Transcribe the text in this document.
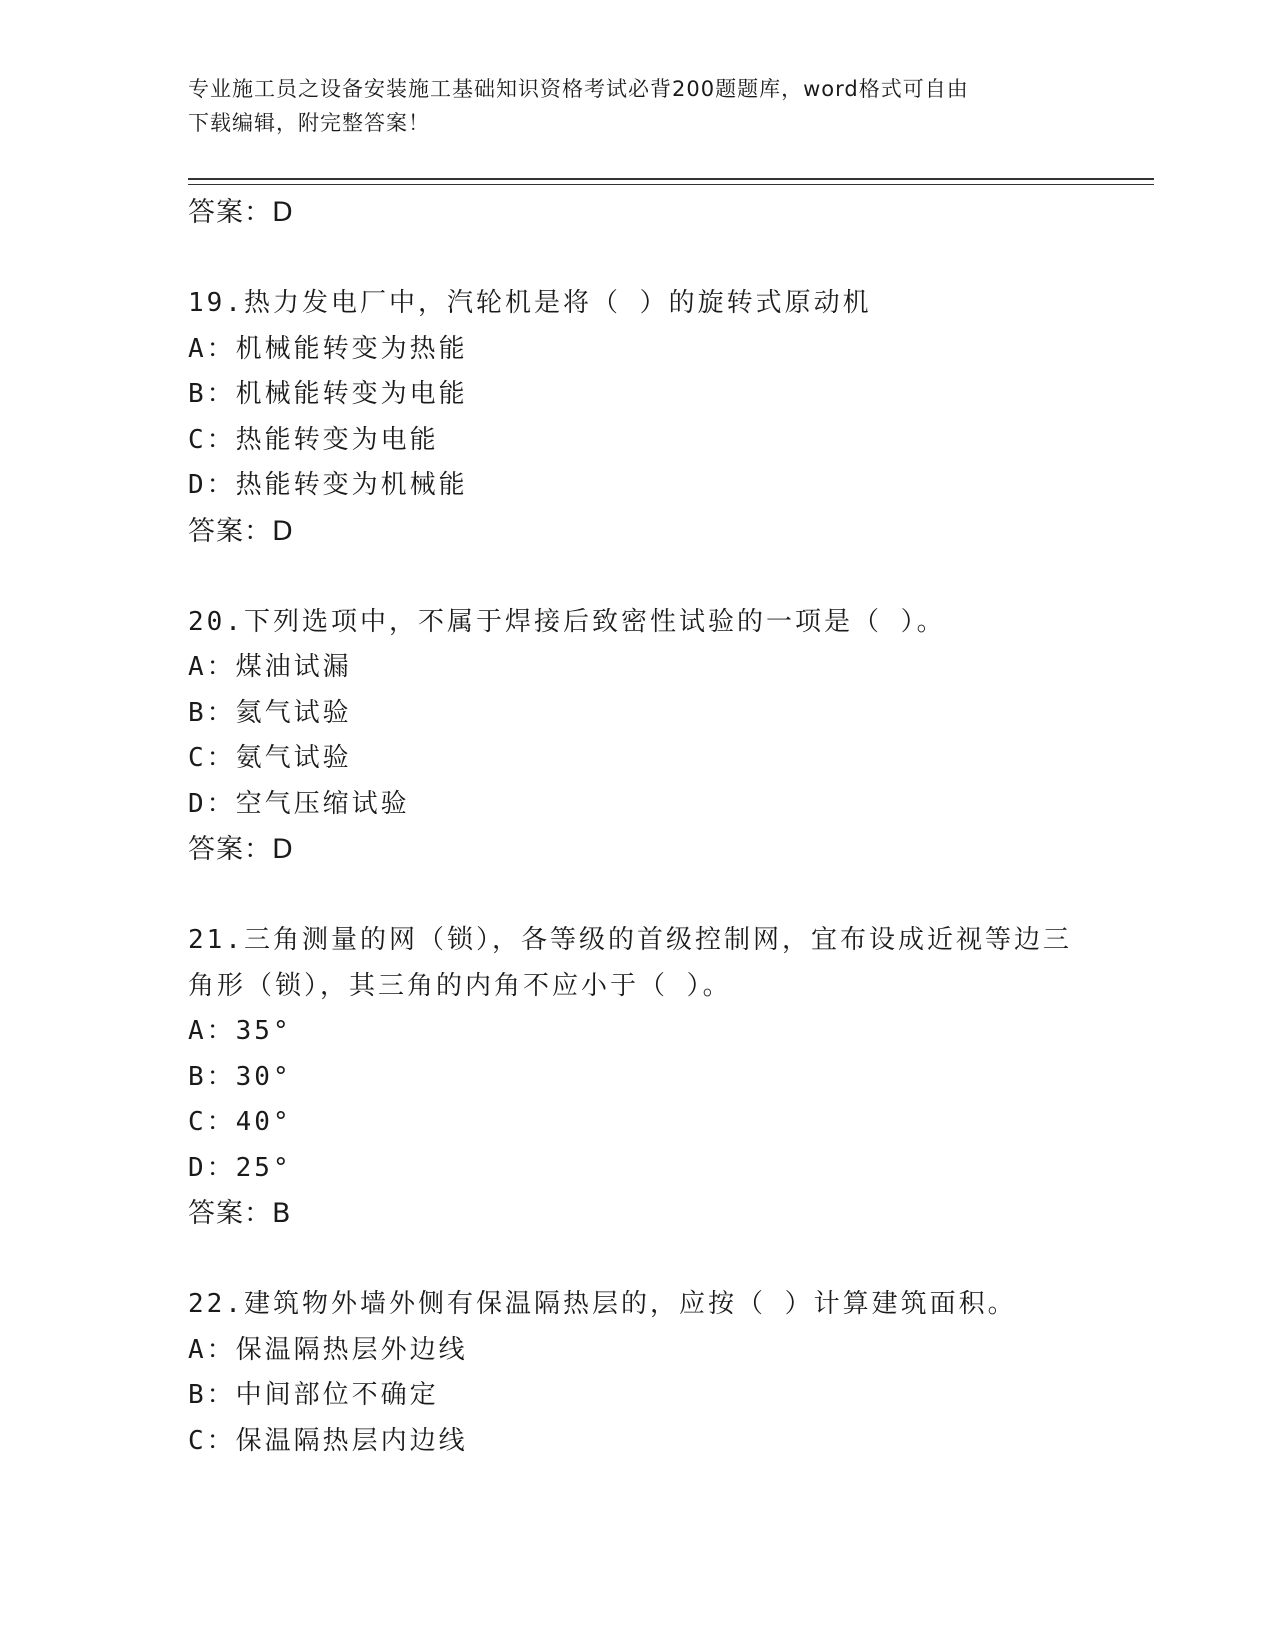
专业施工员之设备安装施工基础知识资格考试必背200题题库，word格式可自由
下载编辑，附完整答案！
答案：D
19.热力发电厂中，汽轮机是将（ ）的旋转式原动机
A：机械能转变为热能
B：机械能转变为电能
C：热能转变为电能
D：热能转变为机械能
答案：D
20.下列选项中，不属于焊接后致密性试验的一项是（ ）。
A：煤油试漏
B：氦气试验
C：氨气试验
D：空气压缩试验
答案：D
21.三角测量的网（锁），各等级的首级控制网，宜布设成近视等边三
角形（锁），其三角的内角不应小于（ ）。
A：35°
B：30°
C：40°
D：25°
答案：B
22.建筑物外墙外侧有保温隔热层的，应按（ ）计算建筑面积。
A：保温隔热层外边线
B：中间部位不确定
C：保温隔热层内边线
